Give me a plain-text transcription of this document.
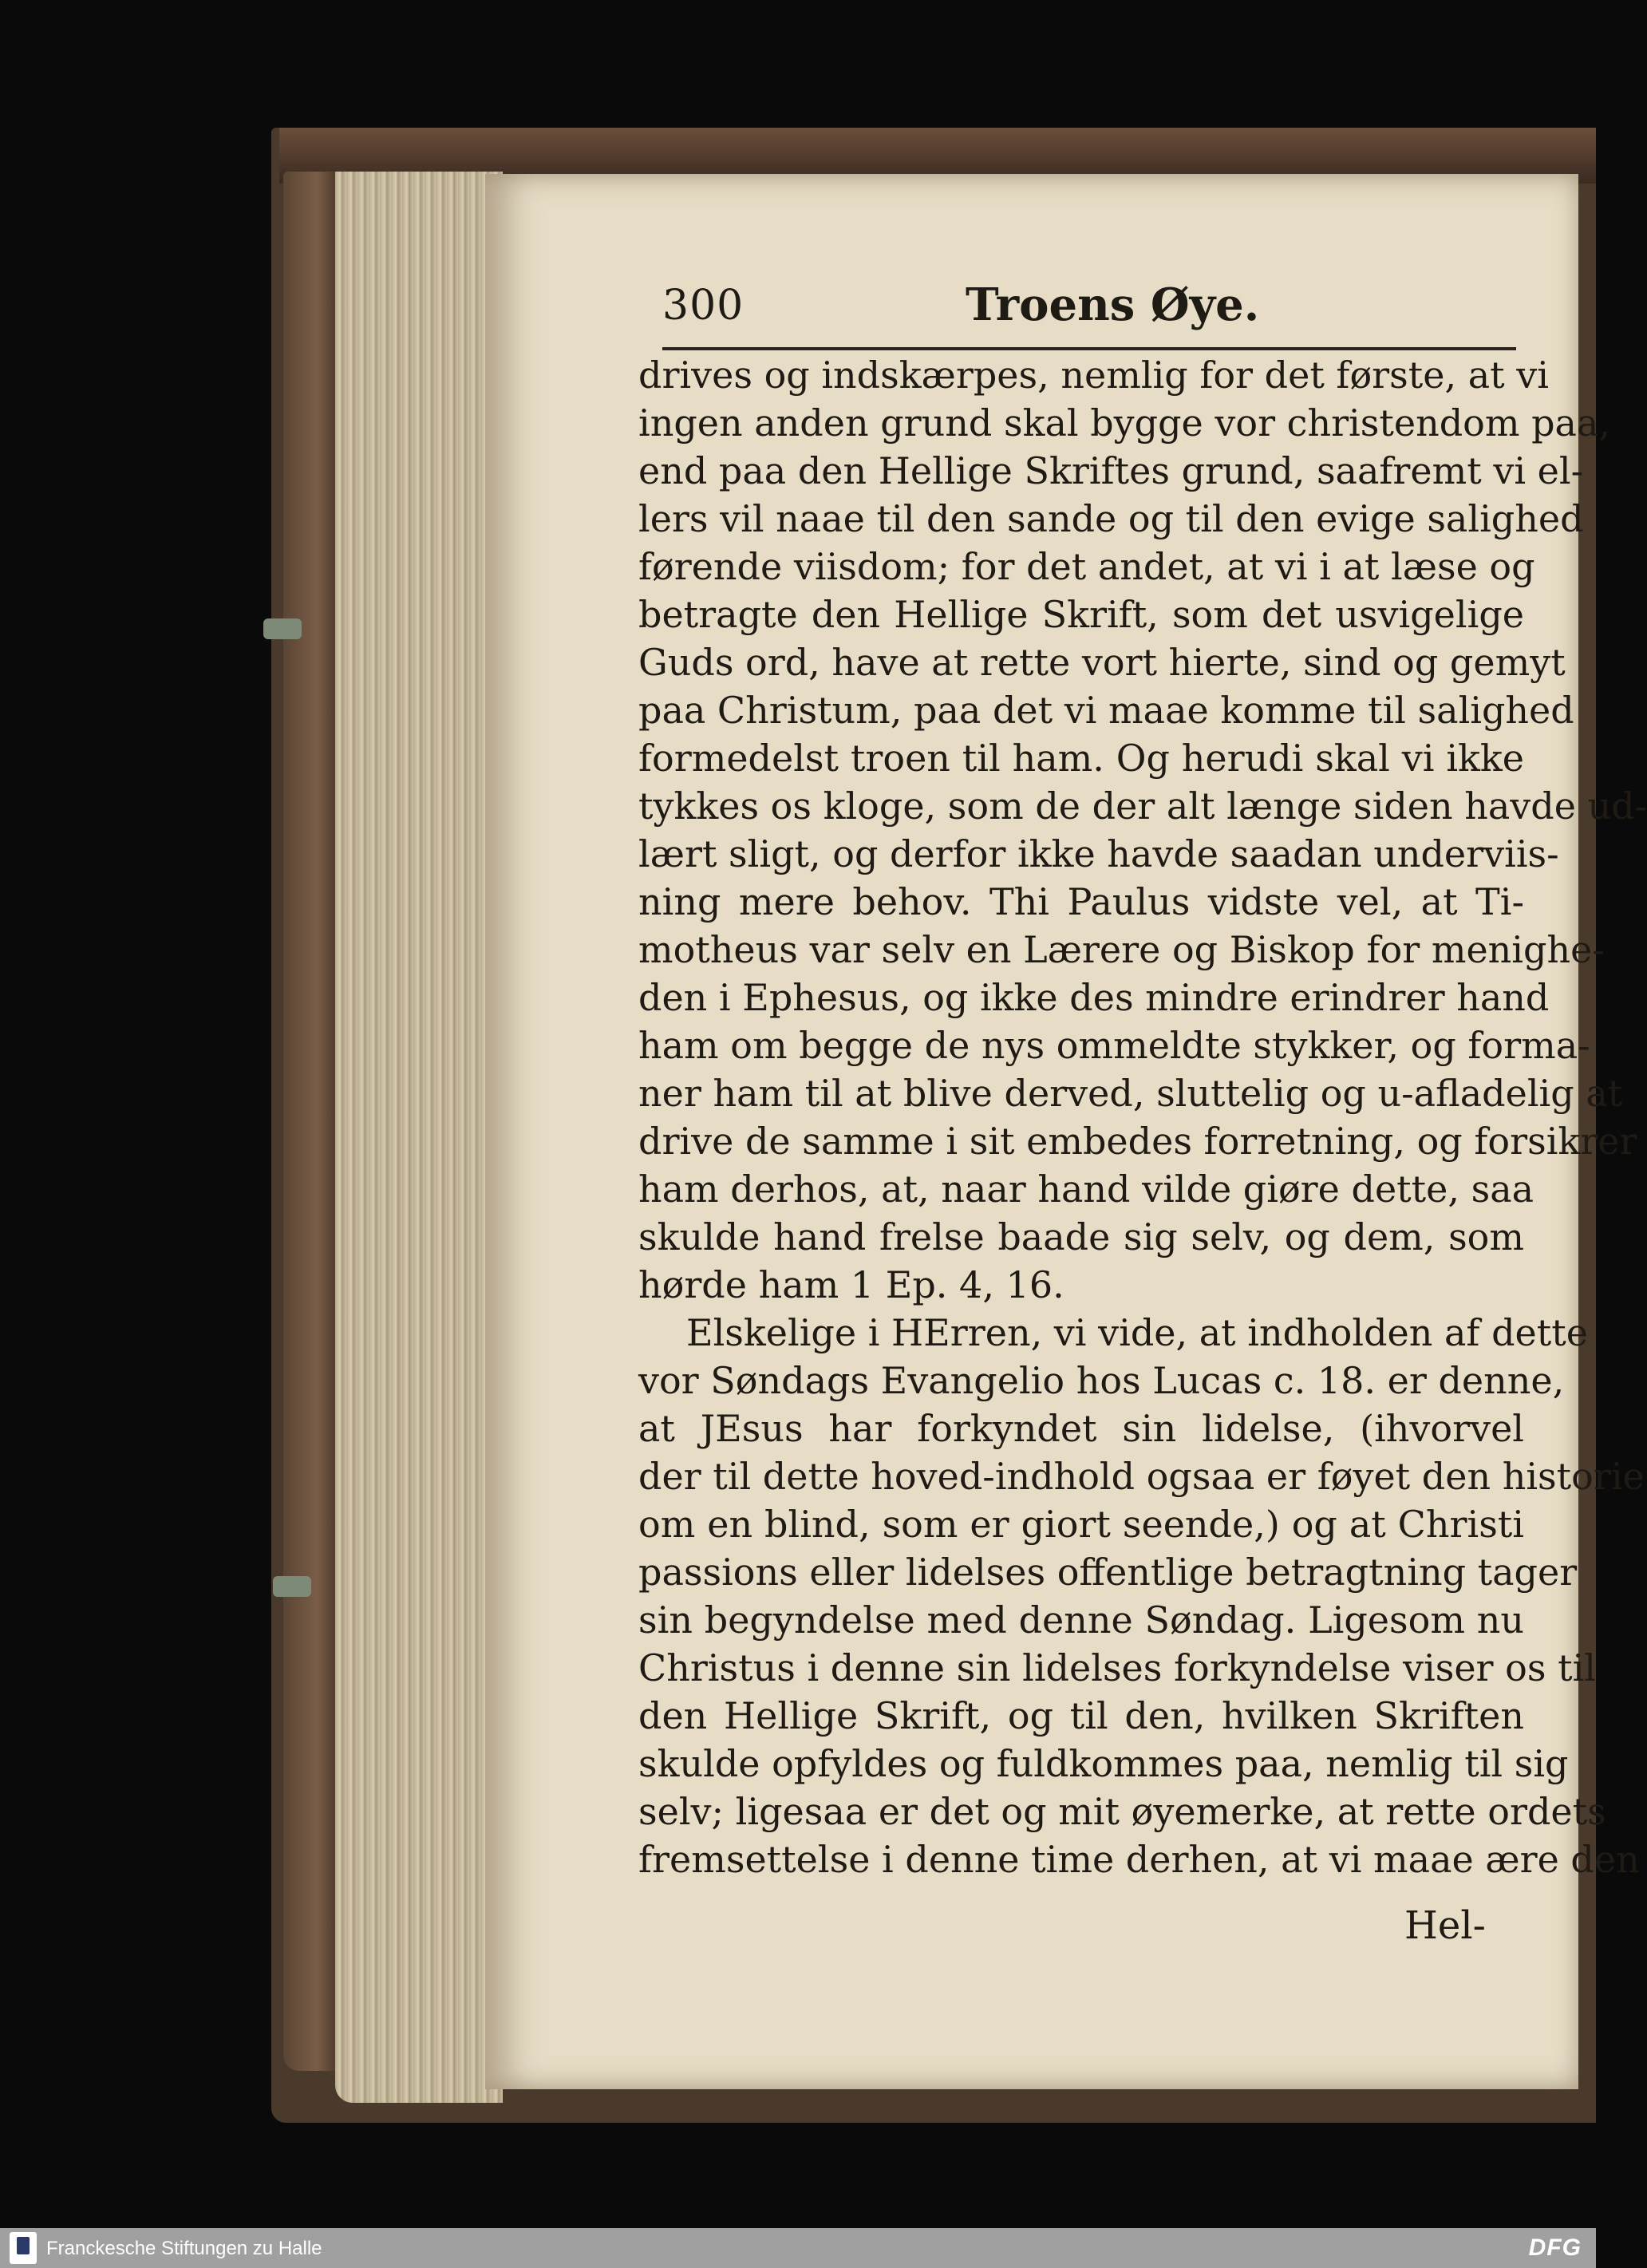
300	Troens Øye.
drives og indskærpes, nemlig for det første, at vi
ingen anden grund skal bygge vor christendom paa,
end paa den Hellige Skriftes grund, saafremt vi el-
lers vil naae til den sande og til den evige salighed
førende viisdom; for det andet, at vi i at læse og
betragte den Hellige Skrift, som det usvigelige
Guds ord, have at rette vort hierte, sind og gemyt
paa Christum, paa det vi maae komme til salighed
formedelst troen til ham. Og herudi skal vi ikke
tykkes os kloge, som de der alt længe siden havde ud-
lært sligt, og derfor ikke havde saadan underviis-
ning mere behov. Thi Paulus vidste vel, at Ti-
motheus var selv en Lærere og Biskop for menighe-
den i Ephesus, og ikke des mindre erindrer hand
ham om begge de nys ommeldte stykker, og forma-
ner ham til at blive derved, sluttelig og u-afladelig at
drive de samme i sit embedes forretning, og forsikrer
ham derhos, at, naar hand vilde giøre dette, saa
skulde hand frelse baade sig selv, og dem, som
hørde ham 1 Ep. 4, 16.
Elskelige i HErren, vi vide, at indholden af dette
vor Søndags Evangelio hos Lucas c. 18. er denne,
at JEsus har forkyndet sin lidelse, (ihvorvel
der til dette hoved-indhold ogsaa er føyet den historie
om en blind, som er giort seende,) og at Christi
passions eller lidelses offentlige betragtning tager
sin begyndelse med denne Søndag. Ligesom nu
Christus i denne sin lidelses forkyndelse viser os til
den Hellige Skrift, og til den, hvilken Skriften
skulde opfyldes og fuldkommes paa, nemlig til sig
selv; ligesaa er det og mit øyemerke, at rette ordets
fremsettelse i denne time derhen, at vi maae ære den
Hel-
Franckesche Stiftungen zu Halle	DFG
